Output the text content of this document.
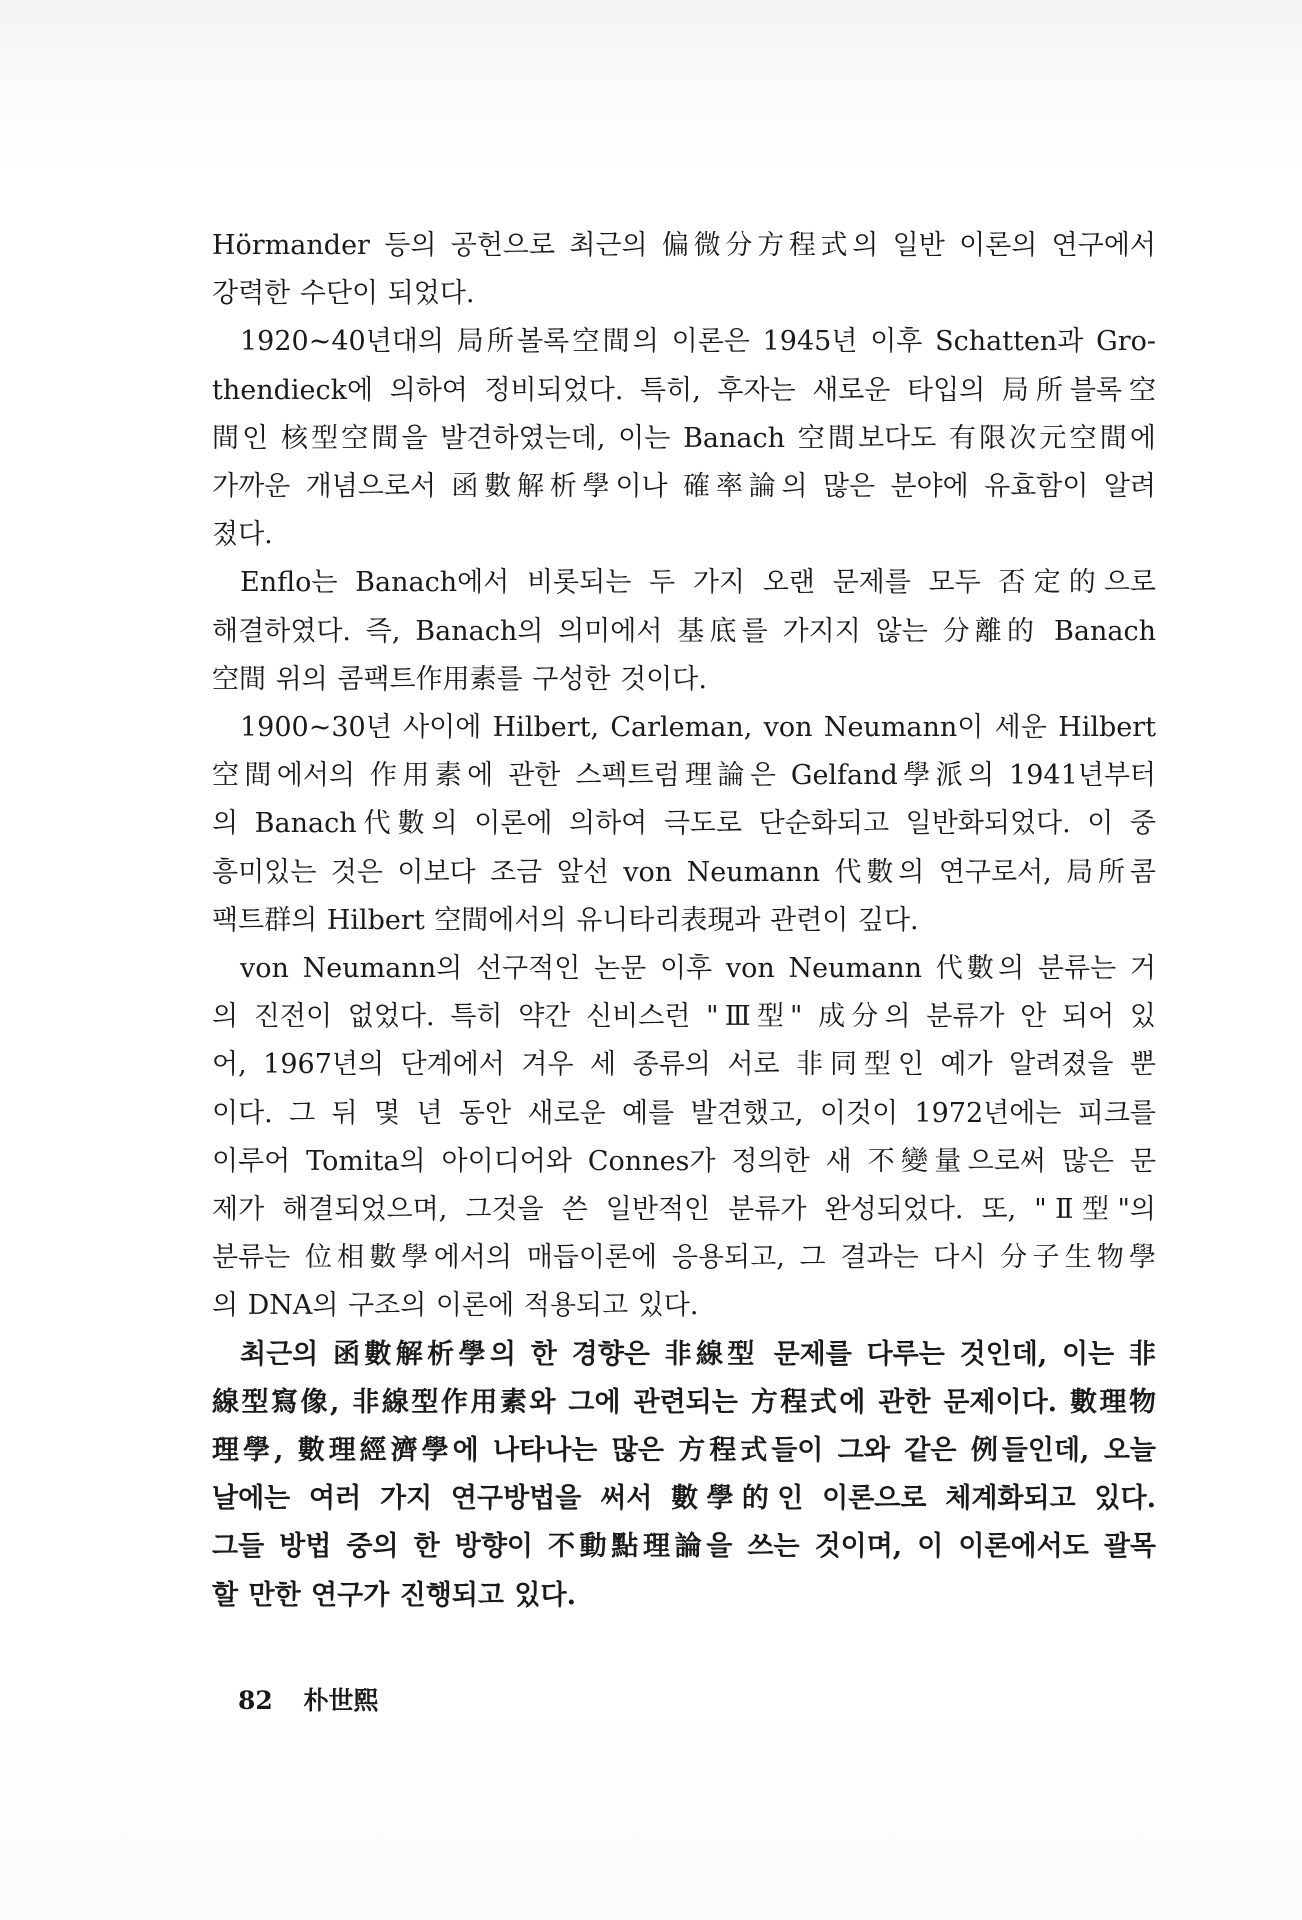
Hörmander 등의 공헌으로 최근의 偏微分方程式의 일반 이론의 연구에서
강력한 수단이 되었다.

1920~40년대의 局所볼록空間의 이론은 1945년 이후 Schatten과 Gro-
thendieck에 의하여 정비되었다. 특히, 후자는 새로운 타입의 局所블록空
間인 核型空間을 발견하였는데, 이는 Banach 空間보다도 有限次元空間에
가까운 개념으로서 函數解析學이나 確率論의 많은 분야에 유효함이 알려
졌다.

Enflo는 Banach에서 비롯되는 두 가지 오랜 문제를 모두 否定的으로
해결하였다. 즉, Banach의 의미에서 基底를 가지지 않는 分離的 Banach
空間 위의 콤팩트作用素를 구성한 것이다.

1900~30년 사이에 Hilbert, Carleman, von Neumann이 세운 Hilbert
空間에서의 作用素에 관한 스펙트럼理論은 Gelfand學派의 1941년부터
의 Banach代數의 이론에 의하여 극도로 단순화되고 일반화되었다. 이 중
흥미있는 것은 이보다 조금 앞선 von Neumann 代數의 연구로서, 局所콤
팩트群의 Hilbert 空間에서의 유니타리表現과 관련이 깊다.

von Neumann의 선구적인 논문 이후 von Neumann 代數의 분류는 거
의 진전이 없었다. 특히 약간 신비스런 "Ⅲ型" 成分의 분류가 안 되어 있
어, 1967년의 단계에서 겨우 세 종류의 서로 非同型인 예가 알려졌을 뿐
이다. 그 뒤 몇 년 동안 새로운 예를 발견했고, 이것이 1972년에는 피크를
이루어 Tomita의 아이디어와 Connes가 정의한 새 不變量으로써 많은 문
제가 해결되었으며, 그것을 쓴 일반적인 분류가 완성되었다. 또, "Ⅱ型"의
분류는 位相數學에서의 매듭이론에 응용되고, 그 결과는 다시 分子生物學
의 DNA의 구조의 이론에 적용되고 있다.

최근의 函數解析學의 한 경향은 非線型 문제를 다루는 것인데, 이는 非
線型寫像, 非線型作用素와 그에 관련되는 方程式에 관한 문제이다. 數理物
理學, 數理經濟學에 나타나는 많은 方程式들이 그와 같은 例들인데, 오늘
날에는 여러 가지 연구방법을 써서 數學的인 이론으로 체계화되고 있다.
그들 방법 중의 한 방향이 不動點理論을 쓰는 것이며, 이 이론에서도 괄목
할 만한 연구가 진행되고 있다.

82 朴世熙
